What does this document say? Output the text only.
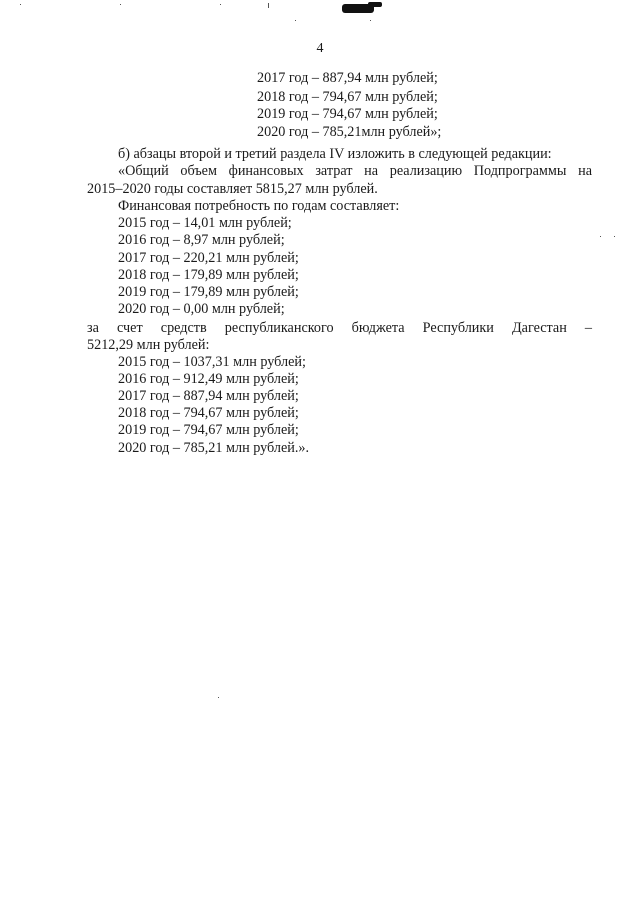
4
2017 год – 887,94 млн рублей;
2018 год – 794,67 млн рублей;
2019 год – 794,67 млн рублей;
2020 год – 785,21млн рублей»;
б) абзацы второй и третий раздела IV изложить в следующей редакции:
«Общий объем финансовых затрат на реализацию Подпрограммы на
2015–2020 годы составляет 5815,27 млн рублей.
Финансовая потребность по годам составляет:
2015 год – 14,01 млн рублей;
2016 год – 8,97 млн рублей;
2017 год – 220,21 млн рублей;
2018 год – 179,89 млн рублей;
2019 год – 179,89 млн рублей;
2020 год – 0,00 млн рублей;
за счет средств республиканского бюджета Республики Дагестан –
5212,29 млн рублей:
2015 год – 1037,31 млн рублей;
2016 год – 912,49 млн рублей;
2017 год – 887,94 млн рублей;
2018 год – 794,67 млн рублей;
2019 год – 794,67 млн рублей;
2020 год – 785,21 млн рублей.».
